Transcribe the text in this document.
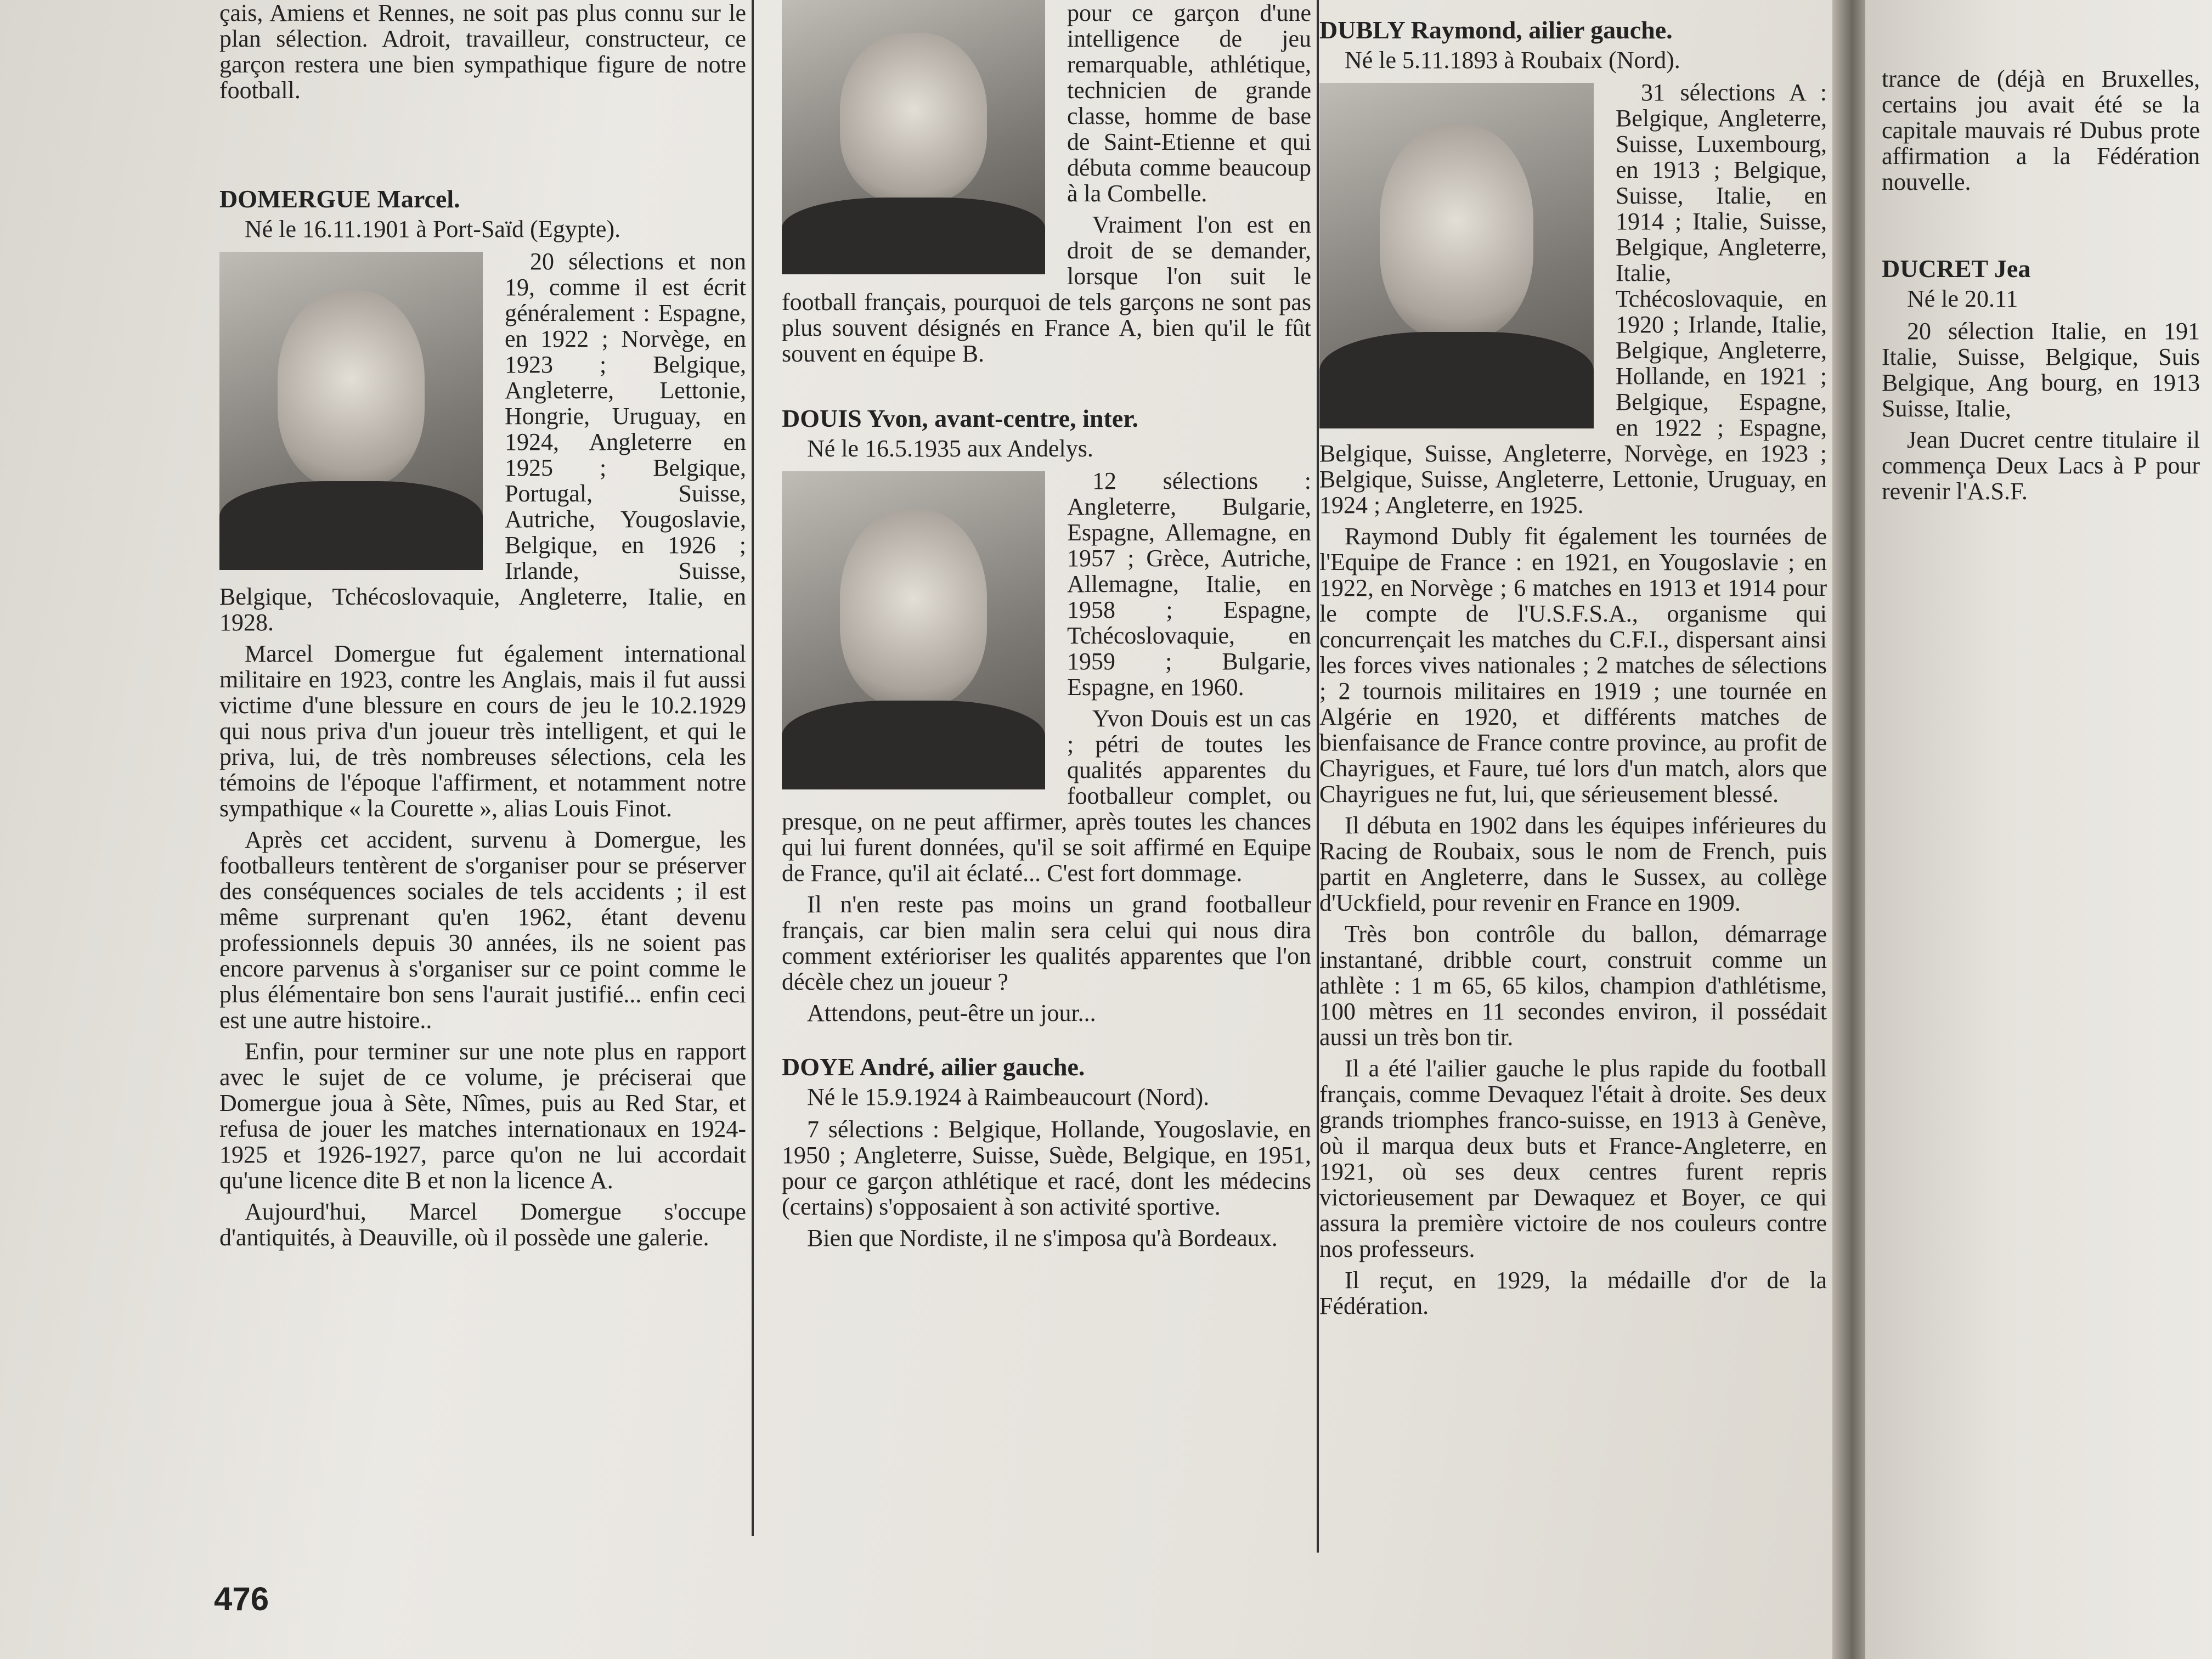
çais, Amiens et Rennes, ne soit pas plus connu sur le plan sélection. Adroit, travailleur, constructeur, ce garçon restera une bien sympathique figure de notre football.

DOMERGUE Marcel.

Né le 16.11.1901 à Port-Saïd (Egypte).

20 sélections et non 19, comme il est écrit généralement : Espagne, en 1922 ; Norvège, en 1923 ; Belgique, Angleterre, Lettonie, Hongrie, Uruguay, en 1924, Angleterre en 1925 ; Belgique, Portugal, Suisse, Autriche, Yougoslavie, Belgique, en 1926 ; Irlande, Suisse, Belgique, Tchécoslovaquie, Angleterre, Italie, en 1928.

Marcel Domergue fut également international militaire en 1923, contre les Anglais, mais il fut aussi victime d'une blessure en cours de jeu le 10.2.1929 qui nous priva d'un joueur très intelligent, et qui le priva, lui, de très nombreuses sélections, cela les témoins de l'époque l'affirment, et notamment notre sympathique « la Courette », alias Louis Finot.

Après cet accident, survenu à Domergue, les footballeurs tentèrent de s'organiser pour se préserver des conséquences sociales de tels accidents ; il est même surprenant qu'en 1962, étant devenu professionnels depuis 30 années, ils ne soient pas encore parvenus à s'organiser sur ce point comme le plus élémentaire bon sens l'aurait justifié... enfin ceci est une autre histoire..

Enfin, pour terminer sur une note plus en rapport avec le sujet de ce volume, je préciserai que Domergue joua à Sète, Nîmes, puis au Red Star, et refusa de jouer les matches internationaux en 1924-1925 et 1926-1927, parce qu'on ne lui accordait qu'une licence dite B et non la licence A.

Aujourd'hui, Marcel Domergue s'occupe d'antiquités, à Deauville, où il possède une galerie.

pour ce garçon d'une intelligence de jeu remarquable, athlétique, technicien de grande classe, homme de base de Saint-Etienne et qui débuta comme beaucoup à la Combelle.

Vraiment l'on est en droit de se demander, lorsque l'on suit le football français, pourquoi de tels garçons ne sont pas plus souvent désignés en France A, bien qu'il le fût souvent en équipe B.

DOUIS Yvon, avant-centre, inter.

Né le 16.5.1935 aux Andelys.

12 sélections : Angleterre, Bulgarie, Espagne, Allemagne, en 1957 ; Grèce, Autriche, Allemagne, Italie, en 1958 ; Espagne, Tchécoslovaquie, en 1959 ; Bulgarie, Espagne, en 1960.

Yvon Douis est un cas ; pétri de toutes les qualités apparentes du footballeur complet, ou presque, on ne peut affirmer, après toutes les chances qui lui furent données, qu'il se soit affirmé en Equipe de France, qu'il ait éclaté... C'est fort dommage.

Il n'en reste pas moins un grand footballeur français, car bien malin sera celui qui nous dira comment extérioriser les qualités apparentes que l'on décèle chez un joueur ?

Attendons, peut-être un jour...

DOYE André, ailier gauche.

Né le 15.9.1924 à Raimbeaucourt (Nord).

7 sélections : Belgique, Hollande, Yougoslavie, en 1950 ; Angleterre, Suisse, Suède, Belgique, en 1951, pour ce garçon athlétique et racé, dont les médecins (certains) s'opposaient à son activité sportive.

Bien que Nordiste, il ne s'imposa qu'à Bordeaux.

DUBLY Raymond, ailier gauche.

Né le 5.11.1893 à Roubaix (Nord).

31 sélections A : Belgique, Angleterre, Suisse, Luxembourg, en 1913 ; Belgique, Suisse, Italie, en 1914 ; Italie, Suisse, Belgique, Angleterre, Italie, Tchécoslovaquie, en 1920 ; Irlande, Italie, Belgique, Angleterre, Hollande, en 1921 ; Belgique, Espagne, en 1922 ; Espagne, Belgique, Suisse, Angleterre, Norvège, en 1923 ; Belgique, Suisse, Angleterre, Lettonie, Uruguay, en 1924 ; Angleterre, en 1925.

Raymond Dubly fit également les tournées de l'Equipe de France : en 1921, en Yougoslavie ; en 1922, en Norvège ; 6 matches en 1913 et 1914 pour le compte de l'U.S.F.S.A., organisme qui concurrençait les matches du C.F.I., dispersant ainsi les forces vives nationales ; 2 matches de sélections ; 2 tournois militaires en 1919 ; une tournée en Algérie en 1920, et différents matches de bienfaisance de France contre province, au profit de Chayrigues, et Faure, tué lors d'un match, alors que Chayrigues ne fut, lui, que sérieusement blessé.

Il débuta en 1902 dans les équipes inférieures du Racing de Roubaix, sous le nom de French, puis partit en Angleterre, dans le Sussex, au collège d'Uckfield, pour revenir en France en 1909.

Très bon contrôle du ballon, démarrage instantané, dribble court, construit comme un athlète : 1 m 65, 65 kilos, champion d'athlétisme, 100 mètres en 11 secondes environ, il possédait aussi un très bon tir.

Il a été l'ailier gauche le plus rapide du football français, comme Devaquez l'était à droite. Ses deux grands triomphes franco-suisse, en 1913 à Genève, où il marqua deux buts et France-Angleterre, en 1921, où ses deux centres furent repris victorieusement par Dewaquez et Boyer, ce qui assura la première victoire de nos couleurs contre nos professeurs.

Il reçut, en 1929, la médaille d'or de la Fédération.

476

trance de (déjà en Bruxelles, certains jou avait été se la capitale mauvais ré Dubus prote affirmation a la Fédération nouvelle.

DUCRET Jea

Né le 20.11

20 sélection Italie, en 191 Italie, Suisse, Belgique, Suis Belgique, Ang bourg, en 1913 Suisse, Italie,

Jean Ducret centre titulaire il commença Deux Lacs à P pour revenir l'A.S.F.
